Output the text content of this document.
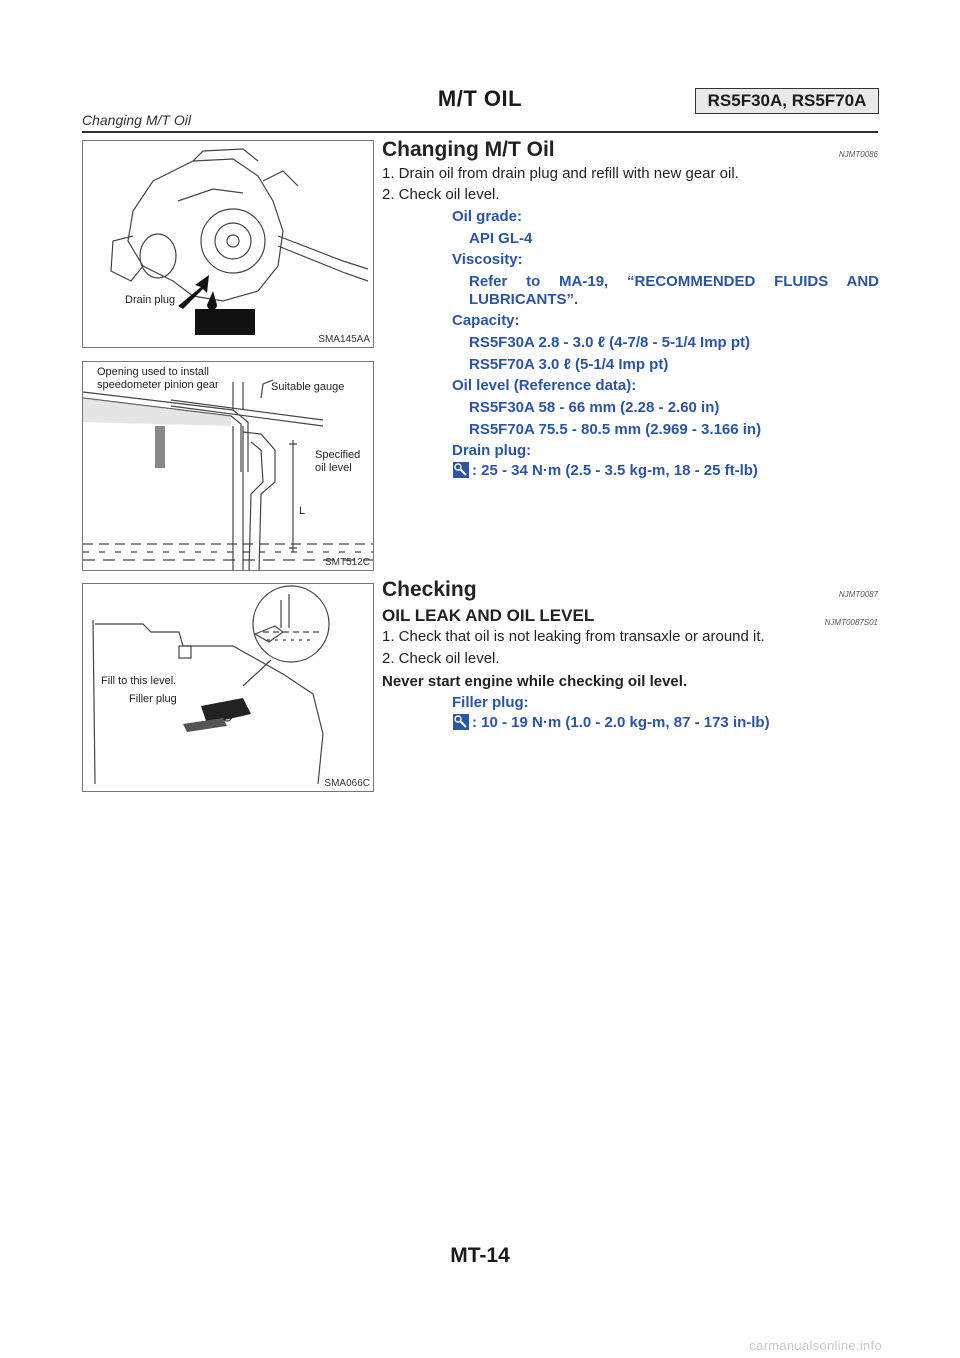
M/T OIL	RS5F30A, RS5F70A
Changing M/T Oil
Drain plug
SMA145AA
Opening used to install
speedometer pinion gear	Suitable gauge
Specified
oil level
L
SMT512C
Fill to this level.
Filler plug
SMA066C
Changing M/T Oil	NJMT0086
1. Drain oil from drain plug and refill with new gear oil.
2. Check oil level.
Oil grade:
API GL-4
Viscosity:
Refer to MA-19, “RECOMMENDED FLUIDS AND
LUBRICANTS”.
Capacity:
RS5F30A 2.8 - 3.0 ℓ (4-7/8 - 5-1/4 Imp pt)
RS5F70A 3.0 ℓ (5-1/4 Imp pt)
Oil level (Reference data):
RS5F30A 58 - 66 mm (2.28 - 2.60 in)
RS5F70A 75.5 - 80.5 mm (2.969 - 3.166 in)
Drain plug:
: 25 - 34 N·m (2.5 - 3.5 kg-m, 18 - 25 ft-lb)
Checking	NJMT0087
OIL LEAK AND OIL LEVEL	NJMT0087S01
1. Check that oil is not leaking from transaxle or around it.
2. Check oil level.
Never start engine while checking oil level.
Filler plug:
: 10 - 19 N·m (1.0 - 2.0 kg-m, 87 - 173 in-lb)
MT-14
carmanualsonline.info
